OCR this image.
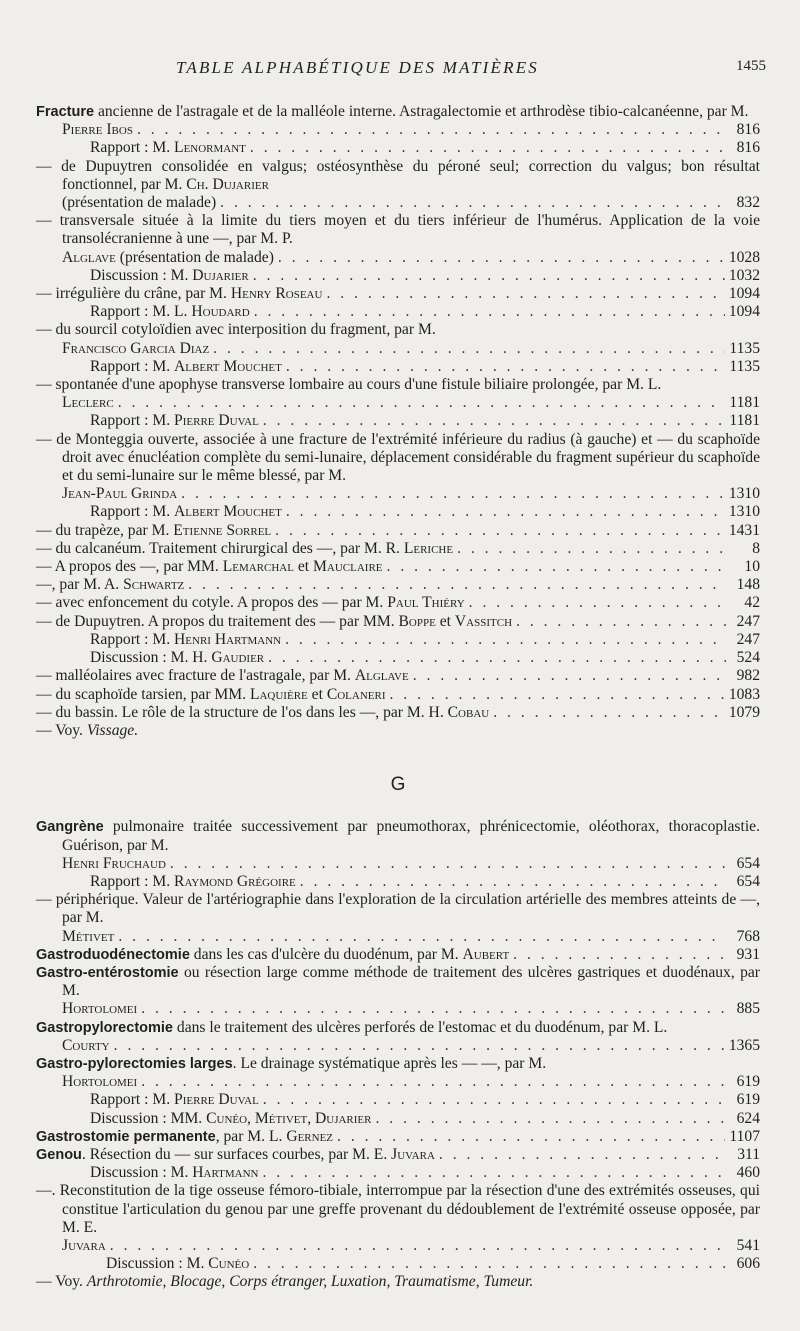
TABLE ALPHABÉTIQUE DES MATIÈRES	1455
Fracture ancienne de l'astragale et de la malléole interne. Astragalectomie et arthrodèse tibio-calcanéenne, par M.
Pierre Ibos . . .	816
Rapport : M. Lenormant . . .	816
— de Dupuytren consolidée en valgus; ostéosynthèse du péroné seul; correction du valgus; bon résultat fonctionnel, par M. Ch. Dujarier
(présentation de malade) . . .	832
— transversale située à la limite du tiers moyen et du tiers inférieur de l'humérus. Application de la voie transolécranienne à une —, par M. P.
Alglave (présentation de malade) . . .	1028
Discussion : M. Dujarier . . .	1032
— irrégulière du crâne, par M. Henry Roseau . . .	1094
Rapport : M. L. Houdard . . .	1094
— du sourcil cotyloïdien avec interposition du fragment, par M.
Francisco Garcia Diaz . . .	1135
Rapport : M. Albert Mouchet . . .	1135
— spontanée d'une apophyse transverse lombaire au cours d'une fistule biliaire prolongée, par M. L.
Leclerc . . .	1181
Rapport : M. Pierre Duval . . .	1181
— de Monteggia ouverte, associée à une fracture de l'extrémité inférieure du radius (à gauche) et — du scaphoïde droit avec énucléation complète du semi-lunaire, déplacement considérable du fragment supérieur du scaphoïde et du semi-lunaire sur le même blessé, par M.
Jean-Paul Grinda . . .	1310
Rapport : M. Albert Mouchet . . .	1310
— du trapèze, par M. Etienne Sorrel . . .	1431
— du calcanéum. Traitement chirurgical des —, par M. R. Leriche . . .	8
— A propos des —, par MM. Lemarchal et Mauclaire . . .	10
—, par M. A. Schwartz . . .	148
— avec enfoncement du cotyle. A propos des — par M. Paul Thiéry . . .	42
— de Dupuytren. A propos du traitement des — par MM. Boppe et Vassitch . . .	247
Rapport : M. Henri Hartmann . . .	247
Discussion : M. H. Gaudier . . .	524
— malléolaires avec fracture de l'astragale, par M. Alglave . . .	982
— du scaphoïde tarsien, par MM. Laquière et Colaneri . . .	1083
— du bassin. Le rôle de la structure de l'os dans les —, par M. H. Cobau . . .	1079
— Voy. Vissage.
G
Gangrène pulmonaire traitée successivement par pneumothorax, phrénicectomie, oléothorax, thoracoplastie. Guérison, par M.
Henri Fruchaud . . .	654
Rapport : M. Raymond Grégoire . . .	654
— périphérique. Valeur de l'artériographie dans l'exploration de la circulation artérielle des membres atteints de —, par M.
Métivet . . .	768
Gastroduodénectomie dans les cas d'ulcère du duodénum, par M. Aubert . . .	931
Gastro-entérostomie ou résection large comme méthode de traitement des ulcères gastriques et duodénaux, par M.
Hortolomei . . .	885
Gastropylorectomie dans le traitement des ulcères perforés de l'estomac et du duodénum, par M. L.
Courty . . .	1365
Gastro-pylorectomies larges. Le drainage systématique après les — —, par M.
Hortolomei . . .	619
Rapport : M. Pierre Duval . . .	619
Discussion : MM. Cunéo, Métivet, Dujarier . . .	624
Gastrostomie permanente, par M. L. Gernez . . .	1107
Genou. Résection du — sur surfaces courbes, par M. E. Juvara . . .	311
Discussion : M. Hartmann . . .	460
—. Reconstitution de la tige osseuse fémoro-tibiale, interrompue par la résection d'une des extrémités osseuses, qui constitue l'articulation du genou par une greffe provenant du dédoublement de l'extrémité osseuse opposée, par M. E.
Juvara . . .	541
Discussion : M. Cunéo . . .	606
— Voy. Arthrotomie, Blocage, Corps étranger, Luxation, Traumatisme, Tumeur.
